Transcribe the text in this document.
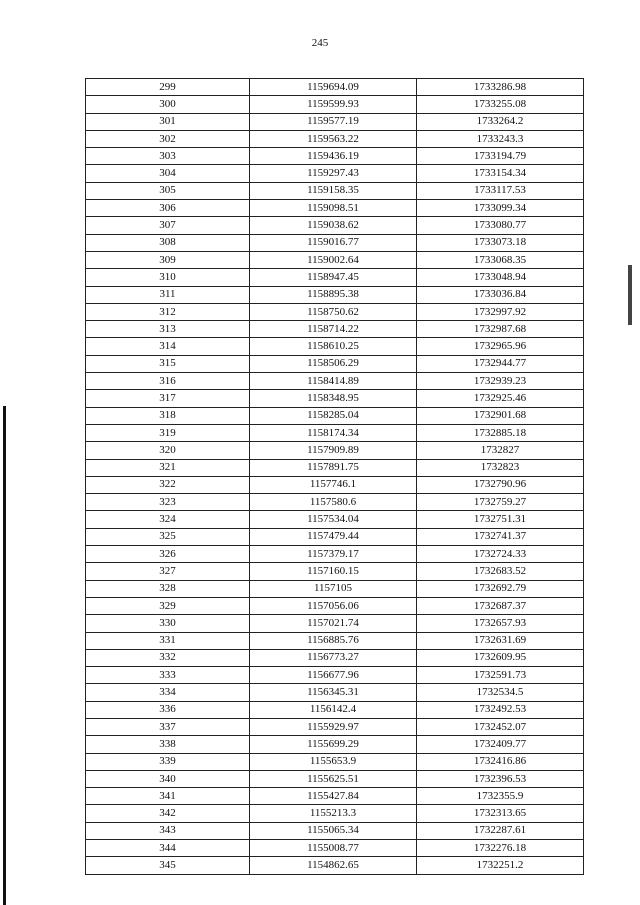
245
299	1159694.09	1733286.98
300	1159599.93	1733255.08
301	1159577.19	1733264.2
302	1159563.22	1733243.3
303	1159436.19	1733194.79
304	1159297.43	1733154.34
305	1159158.35	1733117.53
306	1159098.51	1733099.34
307	1159038.62	1733080.77
308	1159016.77	1733073.18
309	1159002.64	1733068.35
310	1158947.45	1733048.94
311	1158895.38	1733036.84
312	1158750.62	1732997.92
313	1158714.22	1732987.68
314	1158610.25	1732965.96
315	1158506.29	1732944.77
316	1158414.89	1732939.23
317	1158348.95	1732925.46
318	1158285.04	1732901.68
319	1158174.34	1732885.18
320	1157909.89	1732827
321	1157891.75	1732823
322	1157746.1	1732790.96
323	1157580.6	1732759.27
324	1157534.04	1732751.31
325	1157479.44	1732741.37
326	1157379.17	1732724.33
327	1157160.15	1732683.52
328	1157105	1732692.79
329	1157056.06	1732687.37
330	1157021.74	1732657.93
331	1156885.76	1732631.69
332	1156773.27	1732609.95
333	1156677.96	1732591.73
334	1156345.31	1732534.5
336	1156142.4	1732492.53
337	1155929.97	1732452.07
338	1155699.29	1732409.77
339	1155653.9	1732416.86
340	1155625.51	1732396.53
341	1155427.84	1732355.9
342	1155213.3	1732313.65
343	1155065.34	1732287.61
344	1155008.77	1732276.18
345	1154862.65	1732251.2
